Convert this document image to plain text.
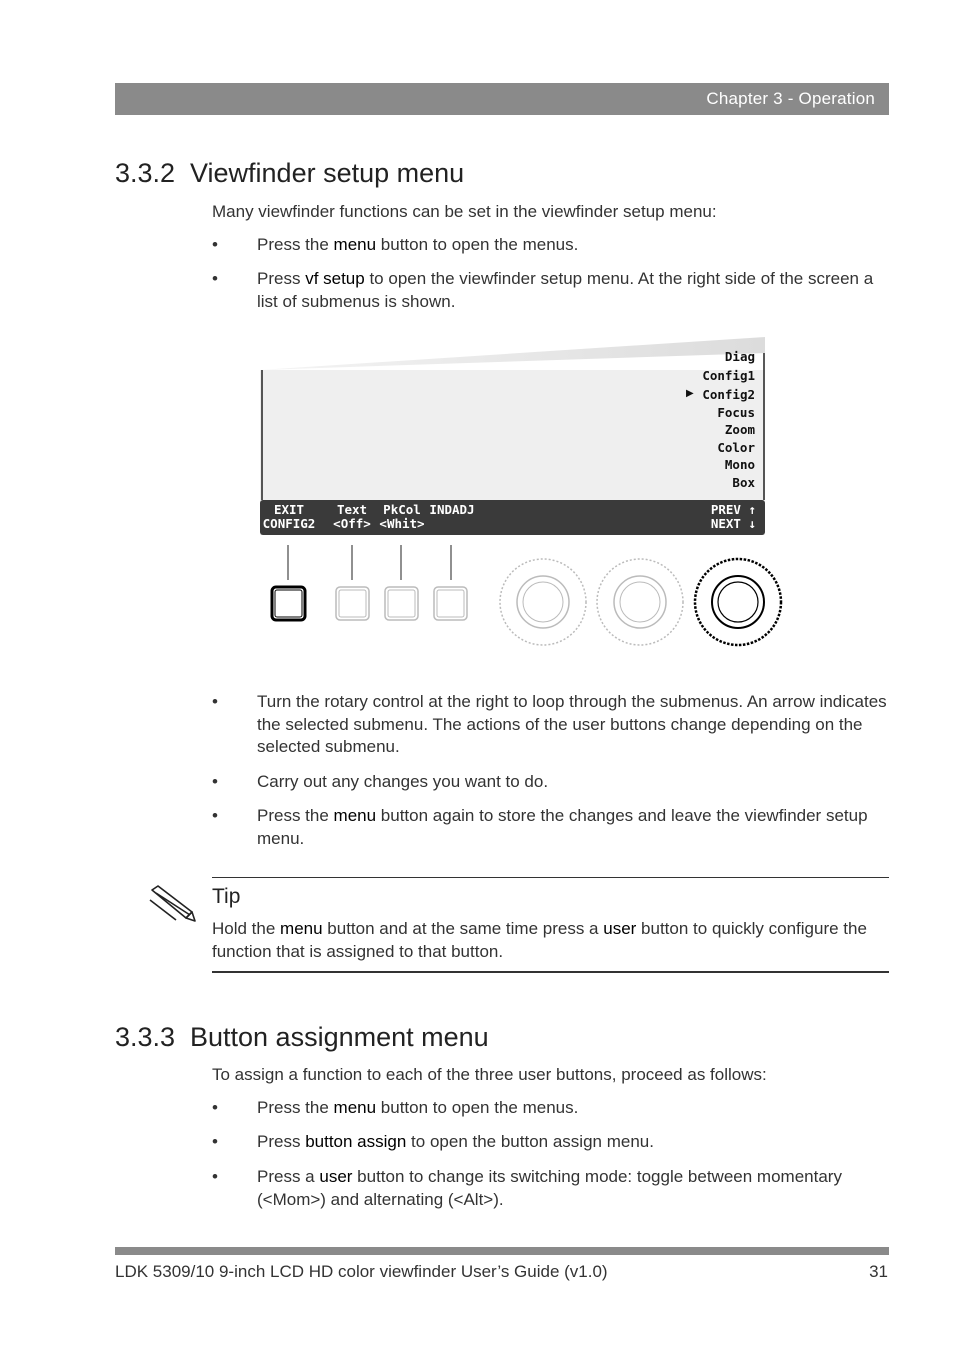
Chapter 3 - Operation
3.3.2 Viewfinder setup menu

Many viewfinder functions can be set in the viewfinder setup menu:

• Press the menu button to open the menus.
• Press vf setup to open the viewfinder setup menu. At the right side of the screen a list of submenus is shown.
Diag
Config1
▶ Config2
Focus
Zoom
Color
Mono
Box
EXIT
CONFIG2
Text
<Off>
PkCol
<Whit>
INDADJ	PREV ↑
NEXT ↓
• Turn the rotary control at the right to loop through the submenus. An arrow indicates the selected submenu. The actions of the user buttons change depending on the selected submenu.
• Carry out any changes you want to do.
• Press the menu button again to store the changes and leave the viewfinder setup menu.
Tip

Hold the menu button and at the same time press a user button to quickly configure the function that is assigned to that button.

3.3.3 Button assignment menu

To assign a function to each of the three user buttons, proceed as follows:

• Press the menu button to open the menus.
• Press button assign to open the button assign menu.
• Press a user button to change its switching mode: toggle between momentary (<Mom>) and alternating (<Alt>).
LDK 5309/10 9-inch LCD HD color viewfinder User’s Guide (v1.0)	31
